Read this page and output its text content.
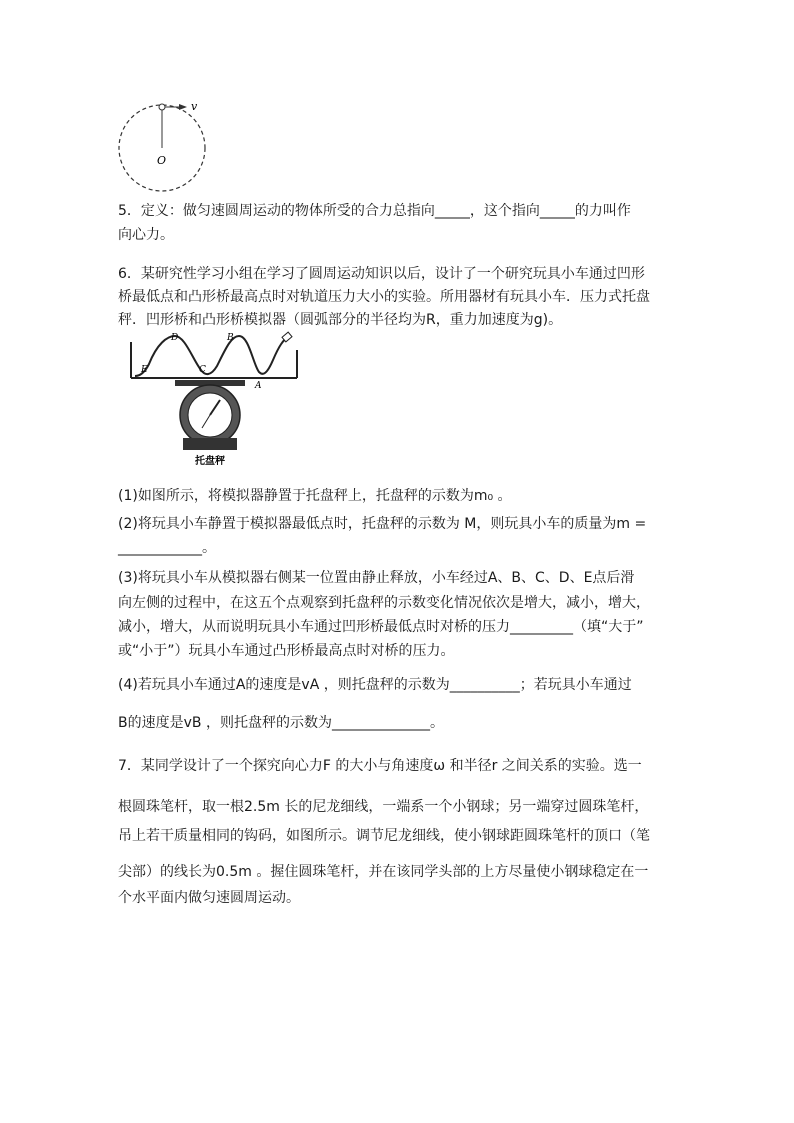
v
O
5．定义：做匀速圆周运动的物体所受的合力总指向_____，这个指向_____的力叫作
向心力。
6．某研究性学习小组在学习了圆周运动知识以后，设计了一个研究玩具小车通过凹形
桥最低点和凸形桥最高点时对轨道压力大小的实验。所用器材有玩具小车．压力式托盘
秤．凹形桥和凸形桥模拟器（圆弧部分的半径均为R，重力加速度为g)。
D	B
E	C
A
托盘秤
(1)如图所示，将模拟器静置于托盘秤上，托盘秤的示数为m₀ 。
(2)将玩具小车静置于模拟器最低点时，托盘秤的示数为 M，则玩具小车的质量为m =
____________。
(3)将玩具小车从模拟器右侧某一位置由静止释放，小车经过A、B、C、D、E点后滑
向左侧的过程中，在这五个点观察到托盘秤的示数变化情况依次是增大，减小，增大，
减小，增大，从而说明玩具小车通过凹形桥最低点时对桥的压力_________（填“大于”
或“小于”）玩具小车通过凸形桥最高点时对桥的压力。
(4)若玩具小车通过A的速度是vA ，则托盘秤的示数为__________；若玩具小车通过
B的速度是vB ，则托盘秤的示数为______________。
7．某同学设计了一个探究向心力F 的大小与角速度ω 和半径r 之间关系的实验。选一
根圆珠笔杆，取一根2.5m 长的尼龙细线，一端系一个小钢球；另一端穿过圆珠笔杆，
吊上若干质量相同的钩码，如图所示。调节尼龙细线，使小钢球距圆珠笔杆的顶口（笔
尖部）的线长为0.5m 。握住圆珠笔杆，并在该同学头部的上方尽量使小钢球稳定在一
个水平面内做匀速圆周运动。
